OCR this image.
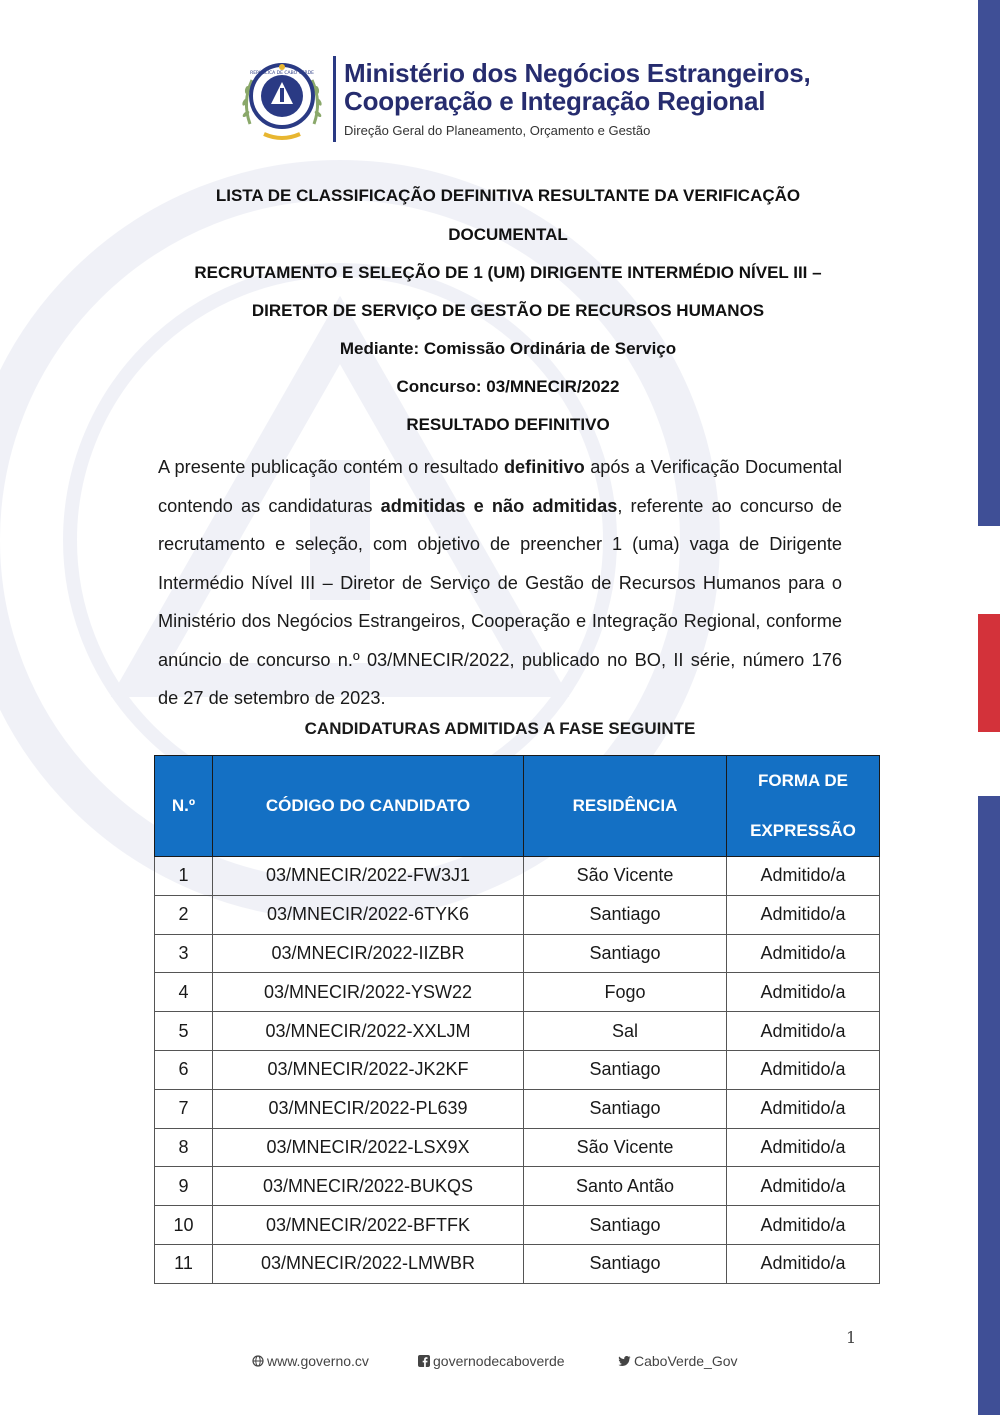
REPÚBLICA DE CABO VERDE Ministério dos Negócios Estrangeiros,
Cooperação e Integração Regional
Direção Geral do Planeamento, Orçamento e Gestão
LISTA DE CLASSIFICAÇÃO DEFINITIVA RESULTANTE DA VERIFICAÇÃO
DOCUMENTAL
RECRUTAMENTO E SELEÇÃO DE 1 (UM) DIRIGENTE INTERMÉDIO NÍVEL III –
DIRETOR DE SERVIÇO DE GESTÃO DE RECURSOS HUMANOS
Mediante: Comissão Ordinária de Serviço
Concurso: 03/MNECIR/2022
RESULTADO DEFINITIVO
A presente publicação contém o resultado definitivo após a Verificação Documental contendo as candidaturas admitidas e não admitidas, referente ao concurso de recrutamento e seleção, com objetivo de preencher 1 (uma) vaga de Dirigente Intermédio Nível III – Diretor de Serviço de Gestão de Recursos Humanos para o Ministério dos Negócios Estrangeiros, Cooperação e Integração Regional, conforme anúncio de concurso n.º 03/MNECIR/2022, publicado no BO, II série, número 176 de 27 de setembro de 2023.
CANDIDATURAS ADMITIDAS A FASE SEGUINTE
N.º	CÓDIGO DO CANDIDATO	RESIDÊNCIA	FORMA DE
EXPRESSÃO

1	03/MNECIR/2022-FW3J1	São Vicente	Admitido/a
2	03/MNECIR/2022-6TYK6	Santiago	Admitido/a
3	03/MNECIR/2022-IIZBR	Santiago	Admitido/a
4	03/MNECIR/2022-YSW22	Fogo	Admitido/a
5	03/MNECIR/2022-XXLJM	Sal	Admitido/a
6	03/MNECIR/2022-JK2KF	Santiago	Admitido/a
7	03/MNECIR/2022-PL639	Santiago	Admitido/a
8	03/MNECIR/2022-LSX9X	São Vicente	Admitido/a
9	03/MNECIR/2022-BUKQS	Santo Antão	Admitido/a
10	03/MNECIR/2022-BFTFK	Santiago	Admitido/a
11	03/MNECIR/2022-LMWBR	Santiago	Admitido/a
1
www.governo.cv	governodecaboverde	CaboVerde_Gov
